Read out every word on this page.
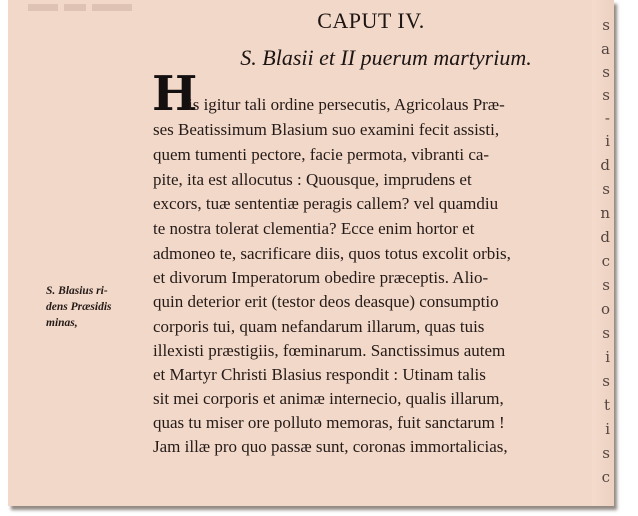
CAPUT IV.
S. Blasii et II puerum martyrium.
H
is igitur tali ordine persecutis, Agricolaus Præ-
ses Beatissimum Blasium suo examini fecit assisti,
quem tumenti pectore, facie permota, vibranti ca-
pite, ita est allocutus : Quousque, imprudens et
excors, tuæ sententiæ peragis callem? vel quamdiu
te nostra tolerat clementia? Ecce enim hortor et
admoneo te, sacrificare diis, quos totus excolit orbis,
et divorum Imperatorum obedire præceptis. Alio-
quin deterior erit (testor deos deasque) consumptio
corporis tui, quam nefandarum illarum, quas tuis
illexisti præstigiis, fœminarum. Sanctissimus autem
et Martyr Christi Blasius respondit : Utinam talis
sit mei corporis et animæ internecio, qualis illarum,
quas tu miser ore polluto memoras, fuit sanctarum !
Jam illæ pro quo passæ sunt, coronas immortalicias,
S. Blasius ri-
dens Præsidis
minas,
s
a
s
s
-
i
d
s
n
d
c
s
o
s
i
s
t
i
s
c
